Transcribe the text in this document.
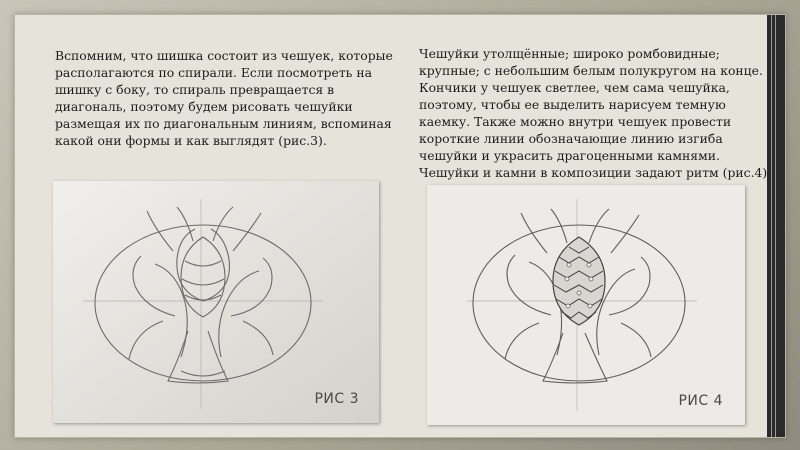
Вспомним, что шишка состоит из чешуек, которые располагаются по спирали. Если посмотреть на шишку с боку, то спираль превращается в диагональ, поэтому будем рисовать чешуйки размещая их по диагональным линиям, вспоминая какой они формы и как выглядят (рис.3).
Чешуйки утолщённые; широко ромбовидные; крупные; с небольшим белым полукругом на конце. Кончики у чешуек светлее, чем сама чешуйка, поэтому, чтобы ее выделить нарисуем темную каемку. Также можно внутри чешуек провести короткие линии обозначающие линию изгиба чешуйки и украсить драгоценными камнями. Чешуйки и камни в композиции задают ритм (рис.4).
РИС 3	РИС 4
